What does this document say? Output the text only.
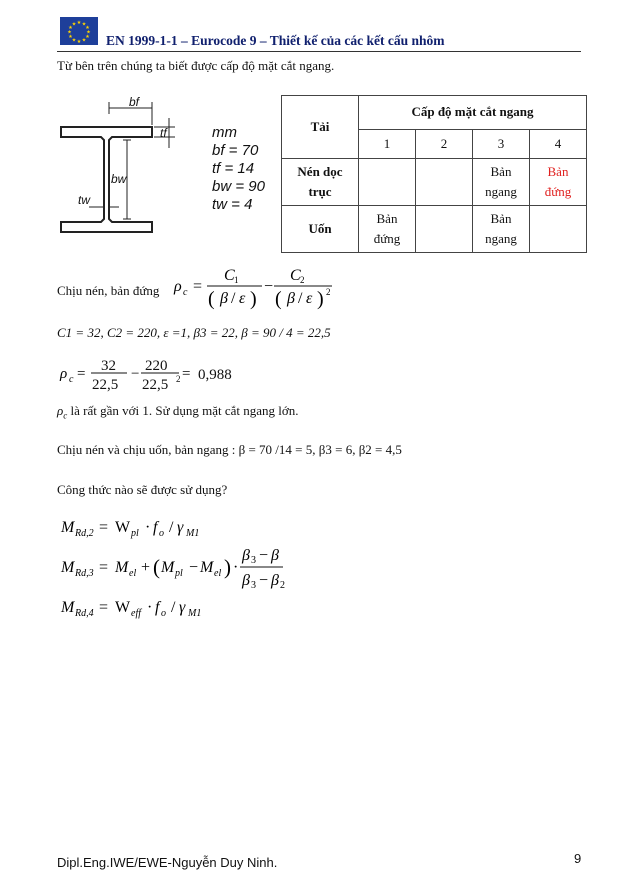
★ ★
★
★
★
★
★
★
★
★
★
★
EN 1999-1-1 – Eurocode 9 – Thiết kế của các kết cấu nhôm
Từ bên trên chúng ta biết được cấp độ mặt cắt ngang.
bf
tf
bw
tw
mm
bf = 70
tf = 14
bw = 90
tw = 4
Tải	Cấp độ mặt cắt ngang			
	1	2	3	4
Nén dọc trục			Bản ngang	Bản đứng
Uốn	Bản đứng		Bản ngang	
Chịu nén, bản đứng ρ c =
C 1
( β / ε )
−
C 2
( β / ε ) 2
C1 = 32, C2 = 220, ε =1, β3 = 22, β = 90 / 4 = 22,5
ρ c =	−	=
32 220
22,5 22,5 2 0,988
$\rho_c$ là rất gần với 1. Sử dụng mặt cắt ngang lớn.
Chịu nén và chịu uốn, bản ngang : β = 70 /14 = 5, β3 = 6, β2 = 4,5
Công thức nào sẽ được sử dụng?
M Rd,2 = W pl · f o / γ M1
M Rd,3 = M el + ( M pl − M el ) ·
β 3 − β
β 3 − β 2
M Rd,4 = W eff · f o / γ M1
Dipl.Eng.IWE/EWE-Nguyễn Duy Ninh.	9
